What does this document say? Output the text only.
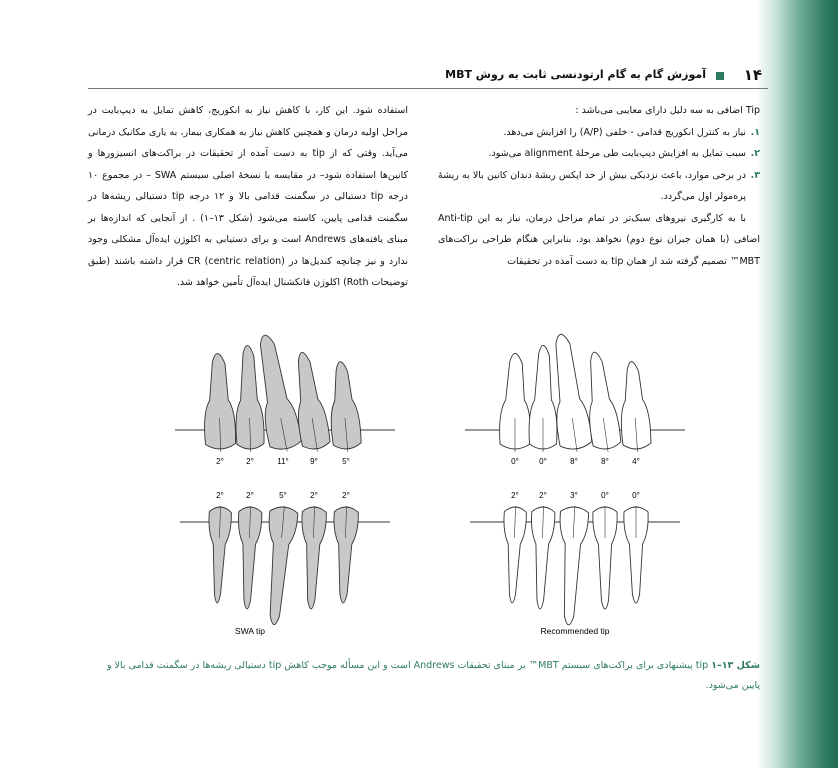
۱۴
آموزش گام به گام ارتودنسی ثابت به روش MBT

Tip اضافی به سه دلیل دارای معایبی می‌باشد :

۱.
نیاز به کنترل انکوریج قدامی - خلفی (A/P) را افزایش می‌دهد.
۲.
سبب تمایل به افزایش دیپ‌بایت طی مرحلهٔ alignment می‌شود.
۳.
در برخی موارد، باعث نزدیکی بیش از حد اپکس ریشهٔ دندان کانین بالا به ریشهٔ پره‌مولر اول می‌گردد.

با به کارگیری نیروهای سبک‌تر در تمام مراحل درمان، نیاز به این Anti-tip اضافی (با همان جبران نوع دوم) نخواهد بود. بنابراین هنگام طراحی براکت‌های MBT™ تصمیم گرفته شد از همان tip به دست آمده در تحقیقات

استفاده شود. این کار، با کاهش نیاز به انکوریج، کاهش تمایل به دیپ‌بایت در مراحل اولیه درمان و همچنین کاهش نیاز به همکاری بیمار، به یاری مکانیک درمانی می‌آید. وقتی که از tip به دست آمده از تحقیقات در براکت‌های انسیزورها و کانین‌ها استفاده شود– در مقایسه با نسخهٔ اصلی سیستم SWA – در مجموع ۱۰ درجه tip دستیالی در سگمنت قدامی بالا و ۱۲ درجه tip دستیالی ریشه‌ها در سگمنت قدامی پایین، کاسته می‌شود (شکل ۱۳–۱) . از آنجایی که اندازه‌ها بر مبنای یافته‌های Andrews است و برای دستیابی به اکلوژن ایده‌آل مشکلی وجود ندارد و نیز چنانچه کندیل‌ها در CR (centric relation) قرار داشته باشند (طبق توضیحات Roth) اکلوژن فانکشنال ایده‌آل تأمین خواهد شد.

2°	2°	11°	9°	5°	0°	0°	8°	8°	4°
2°	2°	5°	2°	2°	2°	2°	3°	0°	0°
SWA tip	Recommended tip
شکل ۱۳–۱ tip پیشنهادی برای براکت‌های سیستم MBT™ بر مبنای تحقیقات Andrews است و این مسأله موجب کاهش tip دستیالی ریشه‌ها در سگمنت قدامی بالا و پایین می‌شود.
